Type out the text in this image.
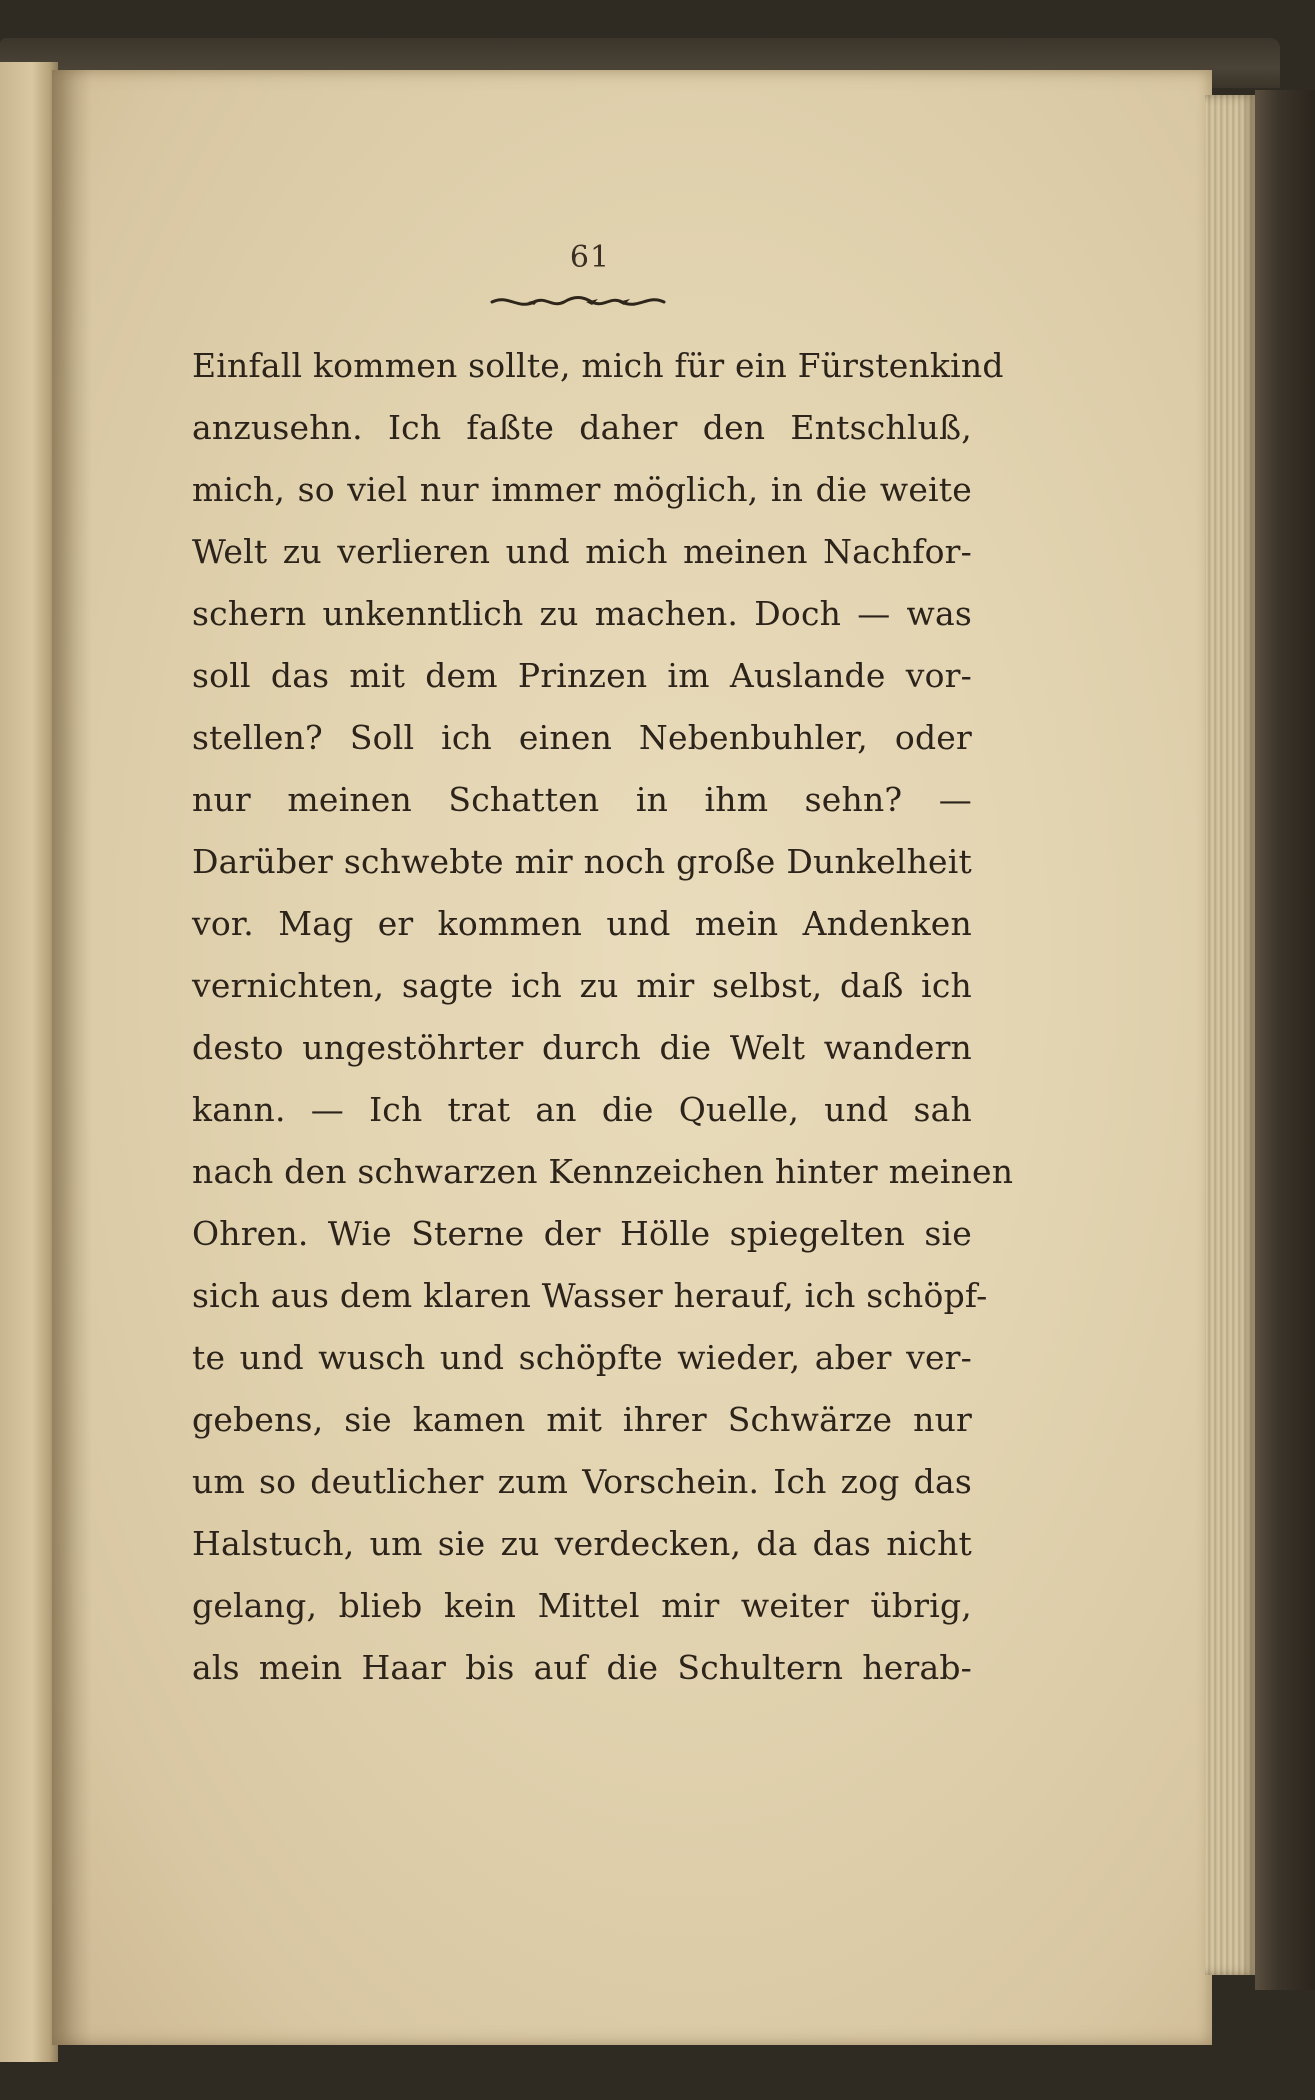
61
Einfall kommen sollte, mich für ein Fürstenkind
anzusehn. Ich faßte daher den Entschluß,
mich, so viel nur immer möglich, in die weite
Welt zu verlieren und mich meinen Nachfor-
schern unkenntlich zu machen. Doch — was
soll das mit dem Prinzen im Auslande vor-
stellen? Soll ich einen Nebenbuhler, oder
nur meinen Schatten in ihm sehn? —
Darüber schwebte mir noch große Dunkelheit
vor. Mag er kommen und mein Andenken
vernichten, sagte ich zu mir selbst, daß ich
desto ungestöhrter durch die Welt wandern
kann. — Ich trat an die Quelle, und sah
nach den schwarzen Kennzeichen hinter meinen
Ohren. Wie Sterne der Hölle spiegelten sie
sich aus dem klaren Wasser herauf, ich schöpf-
te und wusch und schöpfte wieder, aber ver-
gebens, sie kamen mit ihrer Schwärze nur
um so deutlicher zum Vorschein. Ich zog das
Halstuch, um sie zu verdecken, da das nicht
gelang, blieb kein Mittel mir weiter übrig,
als mein Haar bis auf die Schultern herab-
